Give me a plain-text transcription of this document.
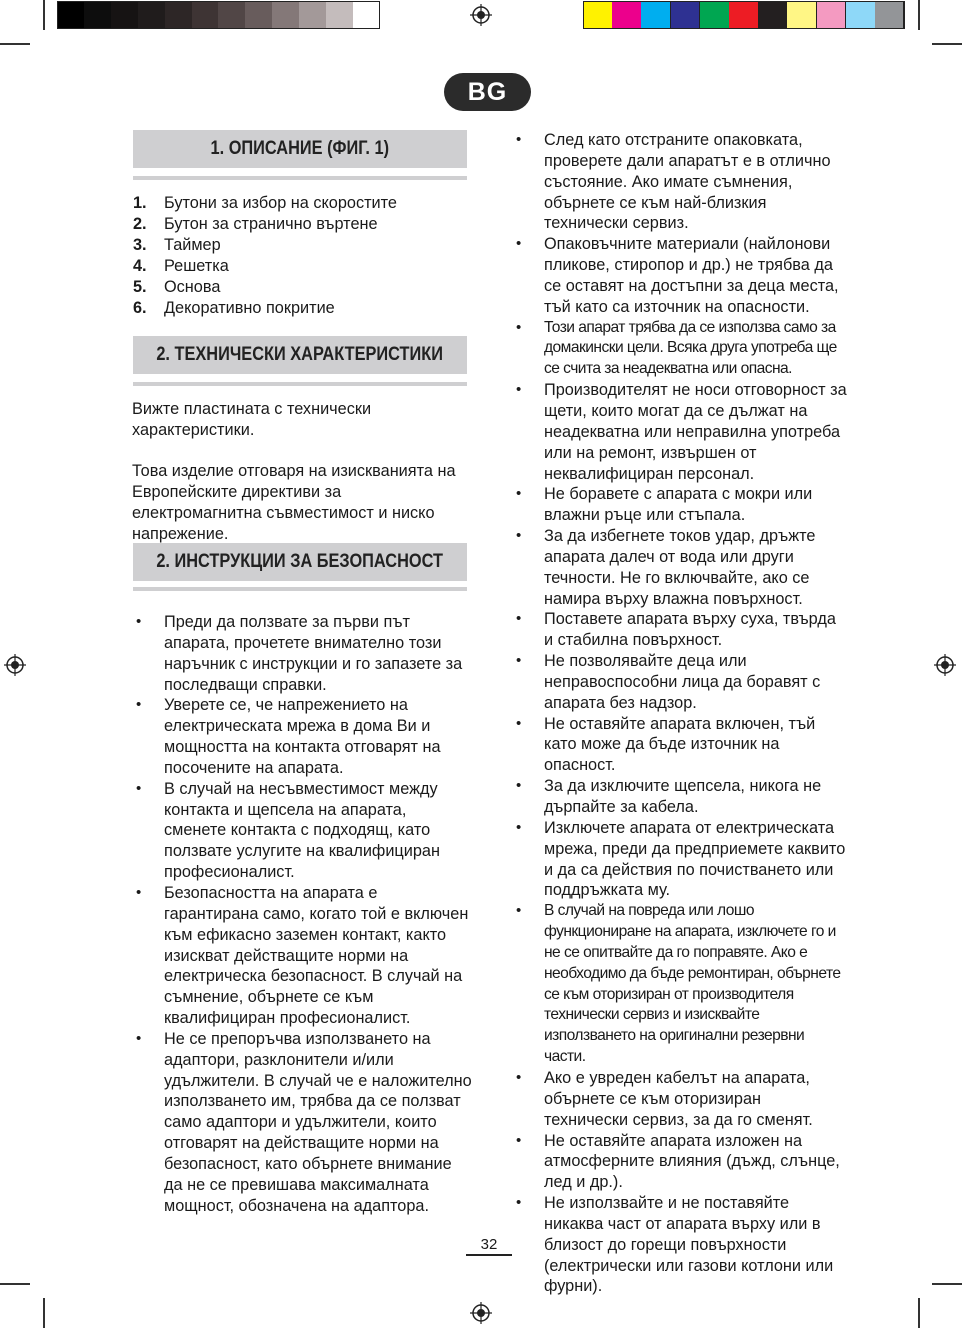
BG
1. ОПИСАНИЕ (ФИГ. 1)
1.	Бутони за избор на скоростите
2.	Бутон за странично въртене
3.	Таймер
4.	Решетка
5.	Основа
6.	Декоративно покритие
2. ТЕХНИЧЕСКИ ХАРАКТЕРИСТИКИ

Вижте пластината с технически характеристики.

Това изделие отговаря на изискванията на Европейските директиви за електромагнитна съвместимост и ниско напрежение.

2. ИНСТРУКЦИИ ЗА БЕЗОПАСНОСТ
• Преди да ползвате за първи път апарата, прочетете внимателно този наръчник с инструкции и го запазете за последващи справки.
• Уверете се, че напрежението на електрическата мрежа в дома Ви и мощността на контакта отговарят на посочените на апарата.
• В случай на несъвместимост между контакта и щепсела на апарата, сменете контакта с подходящ, като ползвате услугите на квалифициран професионалист.
• Безопасността на апарата е гарантирана само, когато той е включен към ефикасно заземен контакт, както изискват действащите норми на електрическа безопасност. В случай на съмнение, обърнете се към квалифициран професионалист.
• Не се препоръчва използването на адаптори, разклонители и/или удължители. В случай че е наложително използването им, трябва да се ползват само адаптори и удължители, които отговарят на действащите норми на безопасност, като обърнете внимание да не се превишава максималната мощност, обозначена на адаптора.
• След като отстраните опаковката, проверете дали апаратът е в отлично състояние. Ако имате съмнения, обърнете се към най-близкия технически сервиз.
• Опаковъчните материали (найлонови пликове, стиропор и др.) не трябва да се оставят на достъпни за деца места, тъй като са източник на опасности.
• Този апарат трябва да се използва само за домакински цели. Всяка друга употреба ще се счита за неадекватна или опасна.
• Производителят не носи отговорност за щети, които могат да се дължат на неадекватна или неправилна употреба или на ремонт, извършен от неквалифициран персонал.
• Не боравете с апарата с мокри или влажни ръце или стъпала.
• За да избегнете токов удар, дръжте апарата далеч от вода или други течности. Не го включвайте, ако се намира върху влажна повърхност.
• Поставете апарата върху суха, твърда и стабилна повърхност.
• Не позволявайте деца или неправоспособни лица да боравят с апарата без надзор.
• Не оставяйте апарата включен, тъй като може да бъде източник на опасност.
• За да изключите щепсела, никога не дърпайте за кабела.
• Изключете апарата от електрическата мрежа, преди да предприемете каквито и да са действия по почистването или поддръжката му.
• В случай на повреда или лошо функциониране на апарата, изключете го и не се опитвайте да го поправяте. Ако е необходимо да бъде ремонтиран, обърнете се към оторизиран от производителя технически сервиз и изисквайте използването на оригинални резервни части.
• Ако е увреден кабелът на апарата, обърнете се към оторизиран технически сервиз, за да го сменят.
• Не оставяйте апарата изложен на атмосферните влияния (дъжд, слънце, лед и др.).
• Не използвайте и не поставяйте никаква част от апарата върху или в близост до горещи повърхности (електрически или газови котлони или фурни).
32
